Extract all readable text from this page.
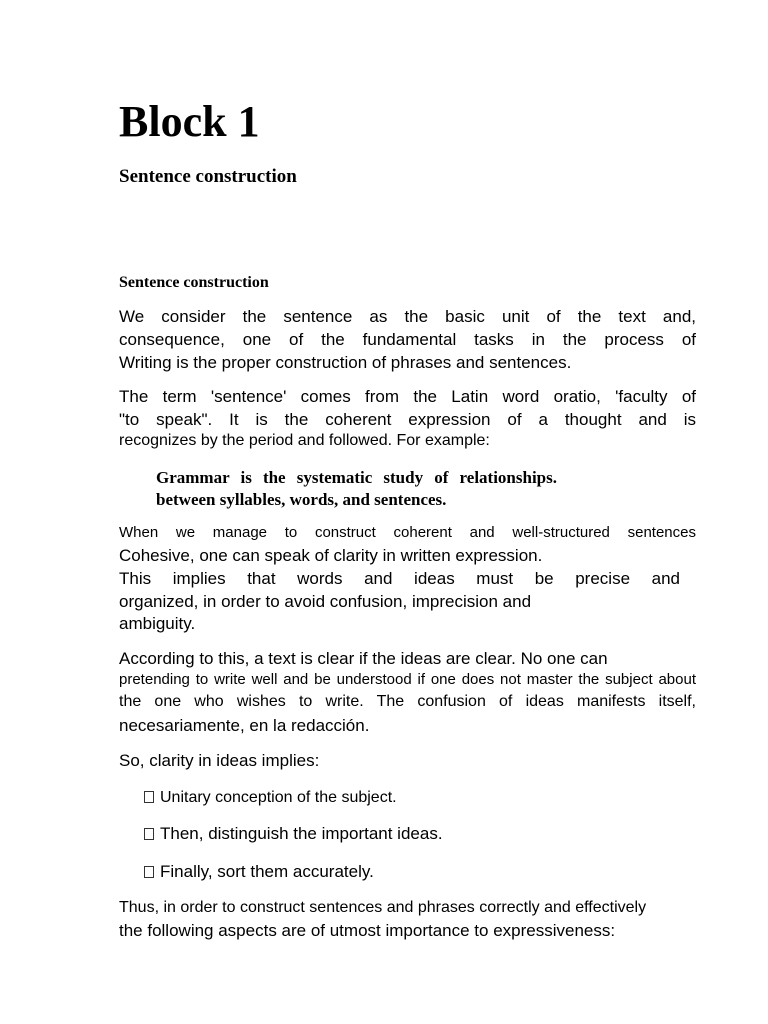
Block 1
Sentence construction
Sentence construction
We consider the sentence as the basic unit of the text and,
consequence, one of the fundamental tasks in the process of
Writing is the proper construction of phrases and sentences.
The term 'sentence' comes from the Latin word oratio, 'faculty of
"to speak". It is the coherent expression of a thought and is
recognizes by the period and followed. For example:
Grammar is the systematic study of relationships.
between syllables, words, and sentences.
When we manage to construct coherent and well-structured sentences
Cohesive, one can speak of clarity in written expression.
This implies that words and ideas must be precise and
organized, in order to avoid confusion, imprecision and
ambiguity.
According to this, a text is clear if the ideas are clear. No one can
pretending to write well and be understood if one does not master the subject about
the one who wishes to write. The confusion of ideas manifests itself,
necesariamente, en la redacción.
So, clarity in ideas implies:
Unitary conception of the subject.
Then, distinguish the important ideas.
Finally, sort them accurately.
Thus, in order to construct sentences and phrases correctly and effectively
the following aspects are of utmost importance to expressiveness:
